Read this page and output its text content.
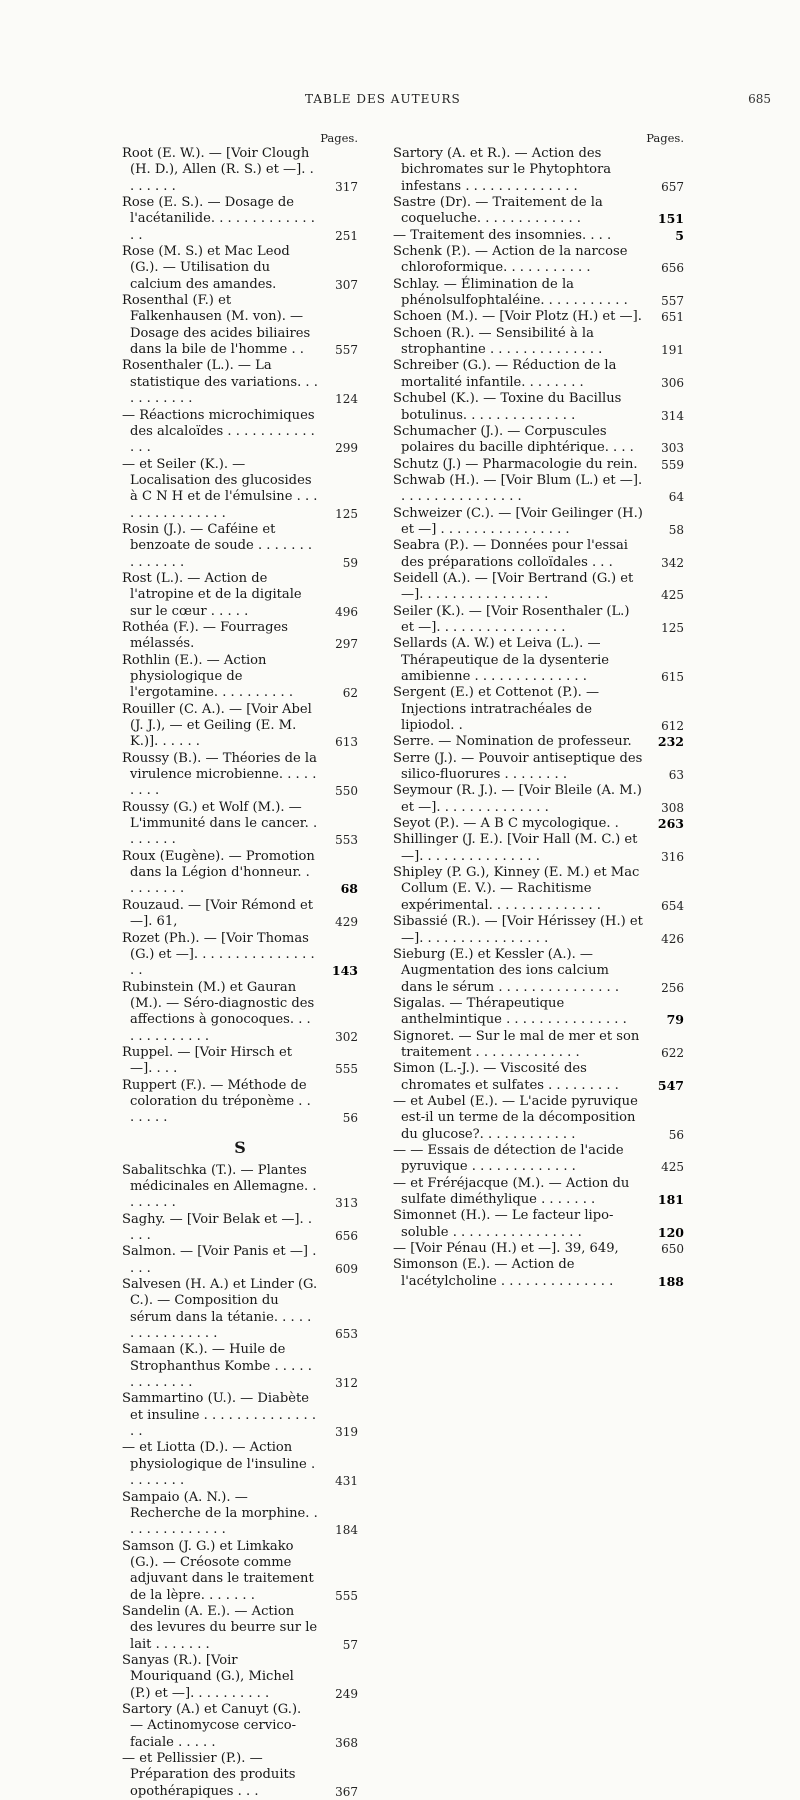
TABLE DES AUTEURS	685
Pages.
Root (E. W.). — [Voir Clough (H. D.), Allen (R. S.) et —]. . . . . . . .	317
Rose (E. S.). — Dosage de l'acétanilide. . . . . . . . . . . . . . .	251
Rose (M. S.) et Mac Leod (G.). — Utilisation du calcium des amandes.	307
Rosenthal (F.) et Falkenhausen (M. von). — Dosage des acides biliaires dans la bile de l'homme . .	557
Rosenthaler (L.). — La statistique des variations. . . . . . . . . . .	124
— Réactions microchimiques des alcaloïdes . . . . . . . . . . . . . .	299
— et Seiler (K.). — Localisation des glucosides à C N H et de l'émulsine . . . . . . . . . . . . . . .	125
Rosin (J.). — Caféine et benzoate de soude . . . . . . . . . . . . . .	59
Rost (L.). — Action de l'atropine et de la digitale sur le cœur . . . . .	496
Rothéa (F.). — Fourrages mélassés.	297
Rothlin (E.). — Action physiologique de l'ergotamine. . . . . . . . . .	62
Rouiller (C. A.). — [Voir Abel (J. J.), — et Geiling (E. M. K.)]. . . . . .	613
Roussy (B.). — Théories de la virulence microbienne. . . . . . . . .	550
Roussy (G.) et Wolf (M.). — L'immunité dans le cancer. . . . . . . .	553
Roux (Eugène). — Promotion dans la Légion d'honneur. . . . . . . . .	68
Rouzaud. — [Voir Rémond et —]. 61,	429
Rozet (Ph.). — [Voir Thomas (G.) et —]. . . . . . . . . . . . . . . . .	143
Rubinstein (M.) et Gauran (M.). — Séro-diagnostic des affections à gonocoques. . . . . . . . . . . . .	302
Ruppel. — [Voir Hirsch et —]. . . .	555
Ruppert (F.). — Méthode de coloration du tréponème . . . . . . .	56
S
Sabalitschka (T.). — Plantes médicinales en Allemagne. . . . . . . .	313
Saghy. — [Voir Belak et —]. . . . .	656
Salmon. — [Voir Panis et —] . . . .	609
Salvesen (H. A.) et Linder (G. C.). — Composition du sérum dans la tétanie. . . . . . . . . . . . . . . .	653
Samaan (K.). — Huile de Strophanthus Kombe . . . . . . . . . . . . .	312
Sammartino (U.). — Diabète et insuline . . . . . . . . . . . . . . . .	319
— et Liotta (D.). — Action physiologique de l'insuline . . . . . . . .	431
Sampaio (A. N.). — Recherche de la morphine. . . . . . . . . . . . . .	184
Samson (J. G.) et Limkako (G.). — Créosote comme adjuvant dans le traitement de la lèpre. . . . . . .	555
Sandelin (A. E.). — Action des levures du beurre sur le lait . . . . . . .	57
Sanyas (R.). [Voir Mouriquand (G.), Michel (P.) et —]. . . . . . . . . .	249
Sartory (A.) et Canuyt (G.). — Actinomycose cervico-faciale . . . . .	368
— et Pellissier (P.). — Préparation des produits opothérapiques . . .	367
Pages.
Sartory (A. et R.). — Action des bichromates sur le Phytophtora infestans . . . . . . . . . . . . . .	657
Sastre (Dr). — Traitement de la coqueluche. . . . . . . . . . . . .	151
— Traitement des insomnies. . . .	5
Schenk (P.). — Action de la narcose chloroformique. . . . . . . . . . .	656
Schlay. — Élimination de la phénolsulfophtaléine. . . . . . . . . . .	557
Schoen (M.). — [Voir Plotz (H.) et —]. 651
Schoen (R.). — Sensibilité à la strophantine . . . . . . . . . . . . . .	191
Schreiber (G.). — Réduction de la mortalité infantile. . . . . . . .	306
Schubel (K.). — Toxine du Bacillus botulinus. . . . . . . . . . . . . .	314
Schumacher (J.). — Corpuscules polaires du bacille diphtérique. . . . 303
Schutz (J.) — Pharmacologie du rein. 559
Schwab (H.). — [Voir Blum (L.) et —]. . . . . . . . . . . . . . . .	64
Schweizer (C.). — [Voir Geilinger (H.) et —] . . . . . . . . . . . . . . . .	58
Seabra (P.). — Données pour l'essai des préparations colloïdales . . .	342
Seidell (A.). — [Voir Bertrand (G.) et —]. . . . . . . . . . . . . . . .	425
Seiler (K.). — [Voir Rosenthaler (L.) et —]. . . . . . . . . . . . . . . .	125
Sellards (A. W.) et Leiva (L.). — Thérapeutique de la dysenterie amibienne . . . . . . . . . . . . . .	615
Sergent (E.) et Cottenot (P.). — Injections intratrachéales de lipiodol. .	612
Serre. — Nomination de professeur. 232
Serre (J.). — Pouvoir antiseptique des silico-fluorures . . . . . . . .	63
Seymour (R. J.). — [Voir Bleile (A. M.) et —]. . . . . . . . . . . . . .	308
Seyot (P.). — A B C mycologique. .	263
Shillinger (J. E.). [Voir Hall (M. C.) et —]. . . . . . . . . . . . . . .	316
Shipley (P. G.), Kinney (E. M.) et Mac Collum (E. V.). — Rachitisme expérimental. . . . . . . . . . . . . .	654
Sibassié (R.). — [Voir Hérissey (H.) et —]. . . . . . . . . . . . . . . .	426
Sieburg (E.) et Kessler (A.). — Augmentation des ions calcium dans le sérum . . . . . . . . . . . . . . .	256
Sigalas. — Thérapeutique anthelmintique . . . . . . . . . . . . . . .	79
Signoret. — Sur le mal de mer et son traitement . . . . . . . . . . . . .	622
Simon (L.-J.). — Viscosité des chromates et sulfates . . . . . . . . .	547
— et Aubel (E.). — L'acide pyruvique est-il un terme de la décomposition du glucose?. . . . . . . . . . . .	56
— — Essais de détection de l'acide pyruvique . . . . . . . . . . . . .	425
— et Fréréjacque (M.). — Action du sulfate diméthylique . . . . . . .	181
Simonnet (H.). — Le facteur lipo-soluble . . . . . . . . . . . . . . . .	120
— [Voir Pénau (H.) et —]. 39, 649,	650
Simonson (E.). — Action de l'acétylcholine . . . . . . . . . . . . . .	188
